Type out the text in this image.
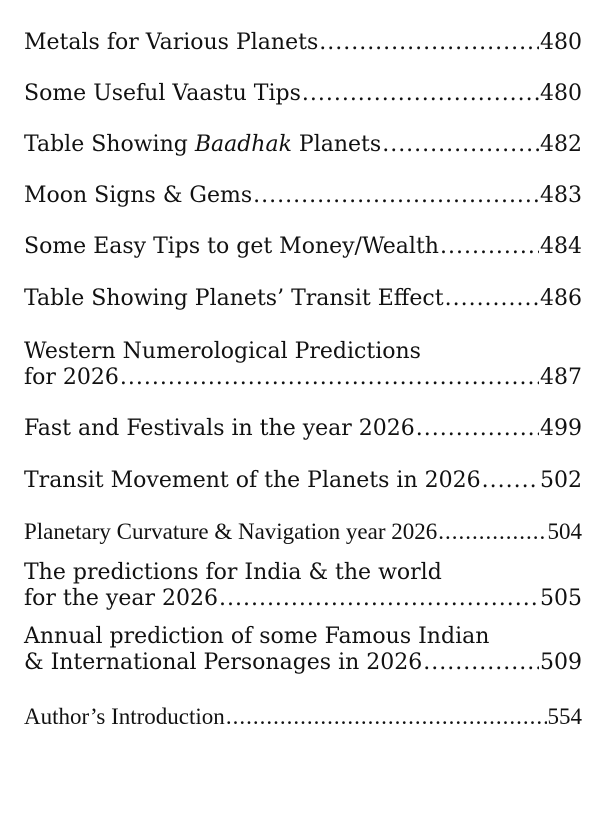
Metals for Various Planets .....	480
Some Useful Vaastu Tips .....	480
Table Showing Baadhak Planets .....	482
Moon Signs & Gems .....	483
Some Easy Tips to get Money/Wealth .....	484
Table Showing Planets’ Transit Effect .....	486
Western Numerological Predictions
for 2026 .....	487
Fast and Festivals in the year 2026 .....	499
Transit Movement of the Planets in 2026 .....	502
Planetary Curvature & Navigation year 2026 .....	504
The predictions for India & the world
for the year 2026 .....	505
Annual prediction of some Famous Indian
& International Personages in 2026 .....	509
Author’s Introduction .....	554
